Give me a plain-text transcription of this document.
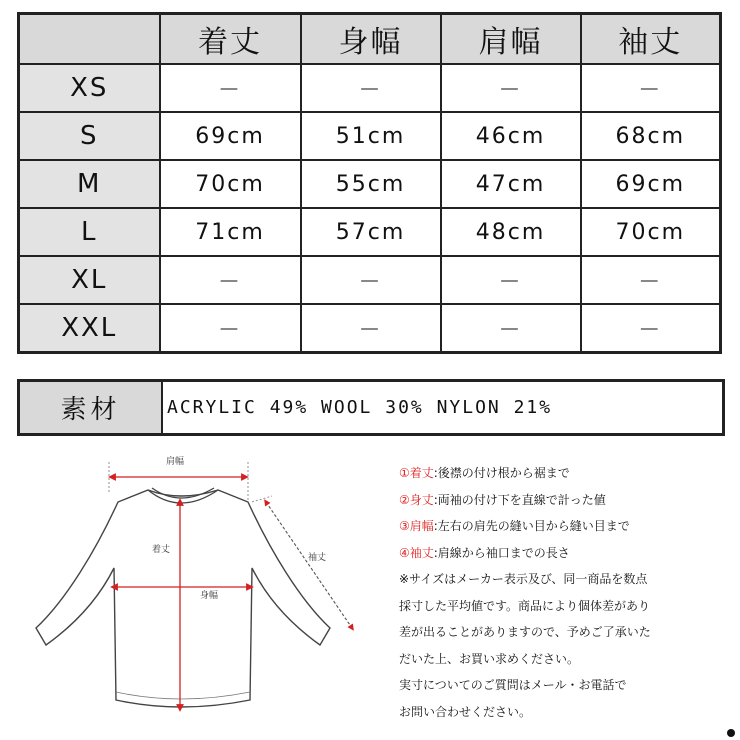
	着丈	身幅	肩幅	袖丈
XS	－	－	－	－
S	69cm	51cm	46cm	68cm
M	70cm	55cm	47cm	69cm
L	71cm	57cm	48cm	70cm
XL	－	－	－	－
XXL	－	－	－	－
素材	ACRYLIC 49% WOOL 30% NYLON 21%
肩幅
着丈
身幅
袖丈
①着丈:後襟の付け根から裾まで
②身丈:両袖の付け下を直線で計った値
③肩幅:左右の肩先の縫い目から縫い目まで
④袖丈:肩線から袖口までの長さ
※サイズはメーカー表示及び、同一商品を数点
採寸した平均値です。商品により個体差があり
差が出ることがありますので、予めご了承いた
だいた上、お買い求めください。
実寸についてのご質問はメール・お電話で
お問い合わせください。
